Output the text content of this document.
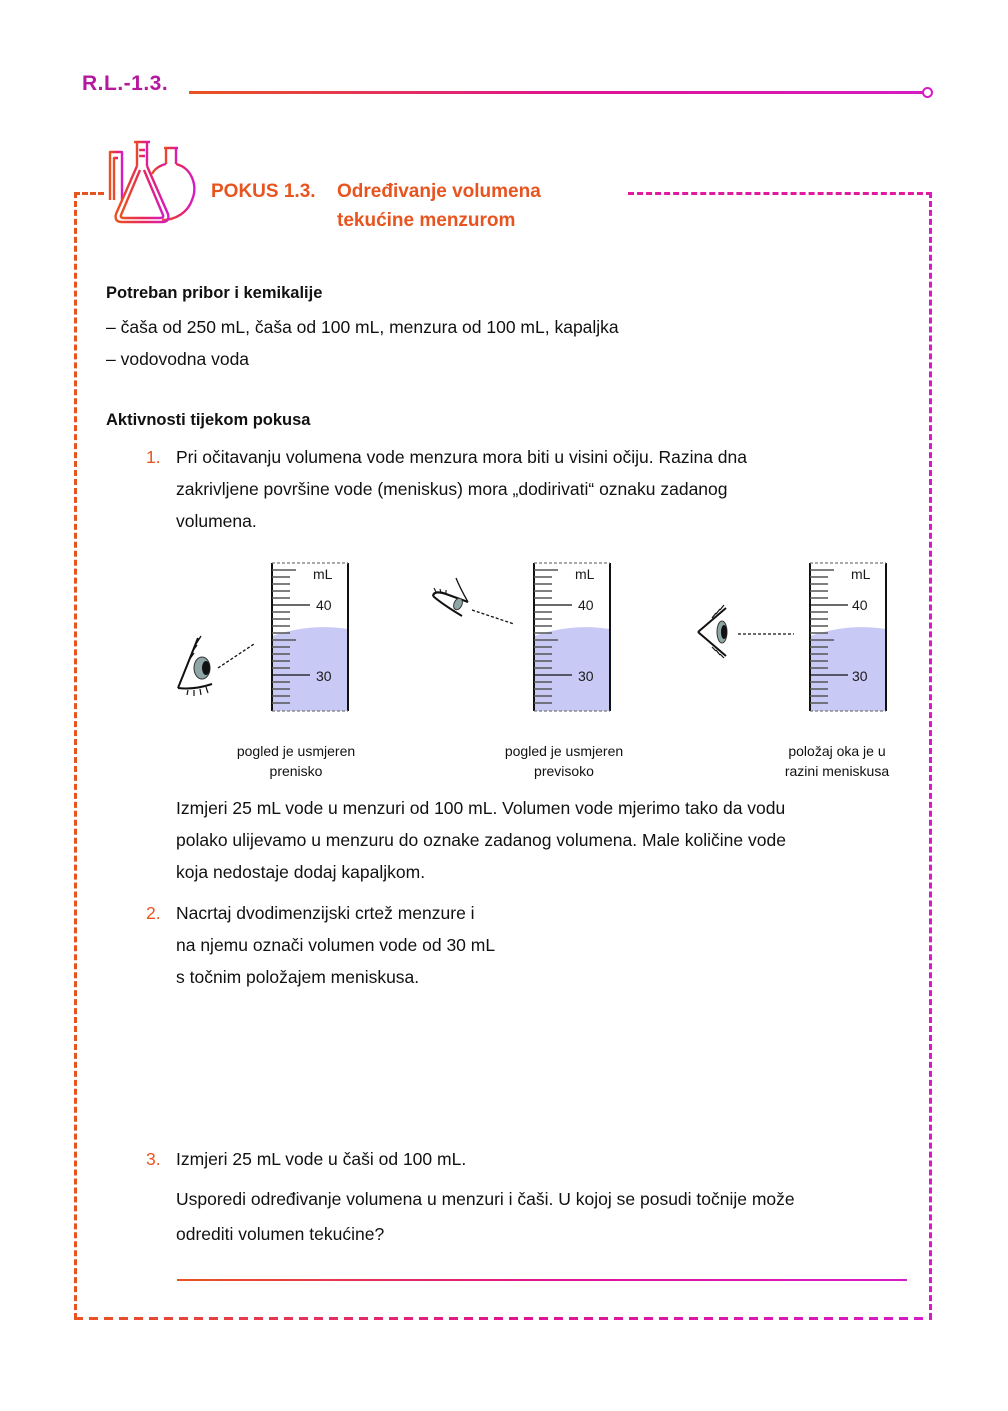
R.L.-1.3.
POKUS 1.3. Određivanje volumena
tekućine menzurom
Potreban pribor i kemikalije
– čaša od 250 mL, čaša od 100 mL, menzura od 100 mL, kapaljka
– vodovodna voda
Aktivnosti tijekom pokusa
1. Pri očitavanju volumena vode menzura mora biti u visini očiju. Razina dna
zakrivljene površine vode (meniskus) mora „dodirivati“ oznaku zadanog
volumena.
mL
40
30
mL
40
30
mL
40
30
pogled je usmjeren
prenisko
pogled je usmjeren
previsoko
položaj oka je u
razini meniskusa
Izmjeri 25 mL vode u menzuri od 100 mL. Volumen vode mjerimo tako da vodu
polako ulijevamo u menzuru do oznake zadanog volumena. Male količine vode
koja nedostaje dodaj kapaljkom.
2. Nacrtaj dvodimenzijski crtež menzure i
na njemu označi volumen vode od 30 mL
s točnim položajem meniskusa.
3. Izmjeri 25 mL vode u čaši od 100 mL.
Usporedi određivanje volumena u menzuri i čaši. U kojoj se posudi točnije može
odrediti volumen tekućine?
